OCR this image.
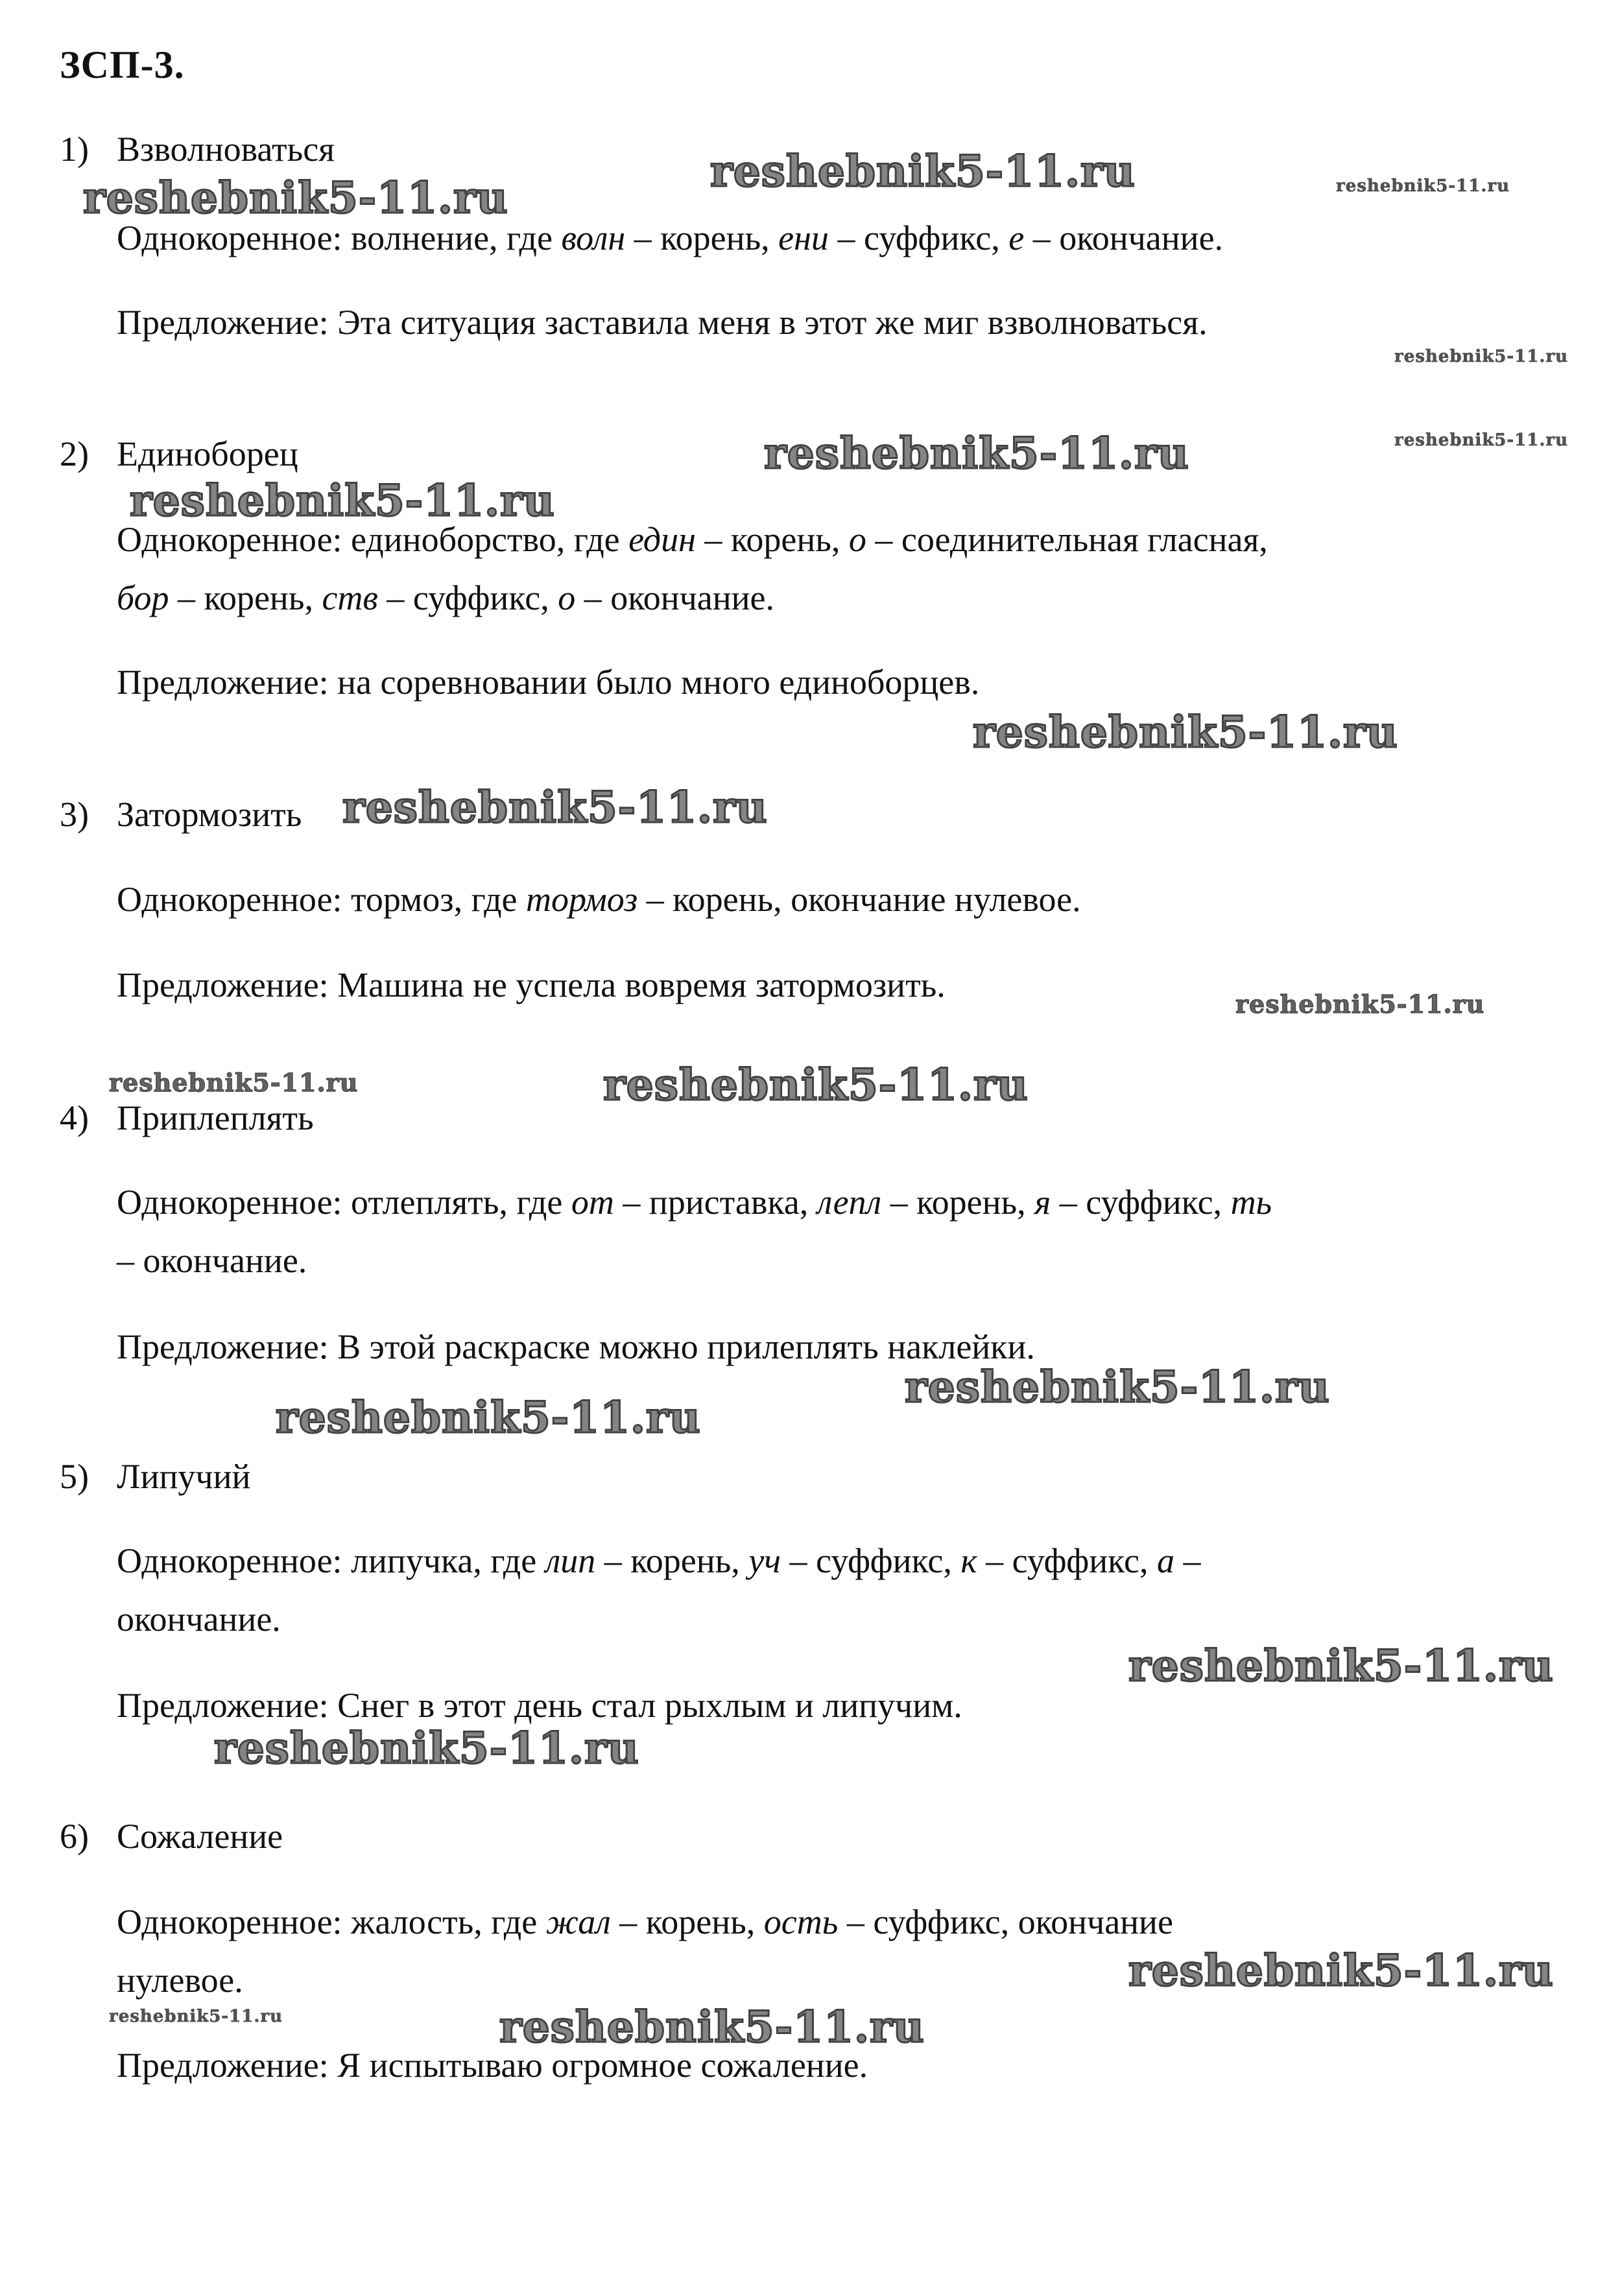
ЗСП-3.
1) Взволноваться
Однокоренное: волнение, где волн – корень, ени – суффикс, е – окончание.
Предложение: Эта ситуация заставила меня в этот же миг взволноваться.
2) Единоборец
Однокоренное: единоборство, где един – корень, о – соединительная гласная,
бор – корень, ств – суффикс, о – окончание.
Предложение: на соревновании было много единоборцев.
3) Затормозить
Однокоренное: тормоз, где тормоз – корень, окончание нулевое.
Предложение: Машина не успела вовремя затормозить.
4) Приплеплять
Однокоренное: отлеплять, где от – приставка, лепл – корень, я – суффикс, ть
– окончание.
Предложение: В этой раскраске можно прилеплять наклейки.
5) Липучий
Однокоренное: липучка, где лип – корень, уч – суффикс, к – суффикс, а –
окончание.
Предложение: Снег в этот день стал рыхлым и липучим.
6) Сожаление
Однокоренное: жалость, где жал – корень, ость – суффикс, окончание
нулевое.
Предложение: Я испытываю огромное сожаление.
reshebnik5-11.ru
reshebnik5-11.ru	reshebnik5-11.ru
reshebnik5-11.ru
reshebnik5-11.ru
reshebnik5-11.ru
reshebnik5-11.ru
reshebnik5-11.ru
reshebnik5-11.ru
reshebnik5-11.ru
reshebnik5-11.ru	reshebnik5-11.ru
reshebnik5-11.ru
reshebnik5-11.ru
reshebnik5-11.ru
reshebnik5-11.ru
reshebnik5-11.ru
reshebnik5-11.ru	reshebnik5-11.ru
